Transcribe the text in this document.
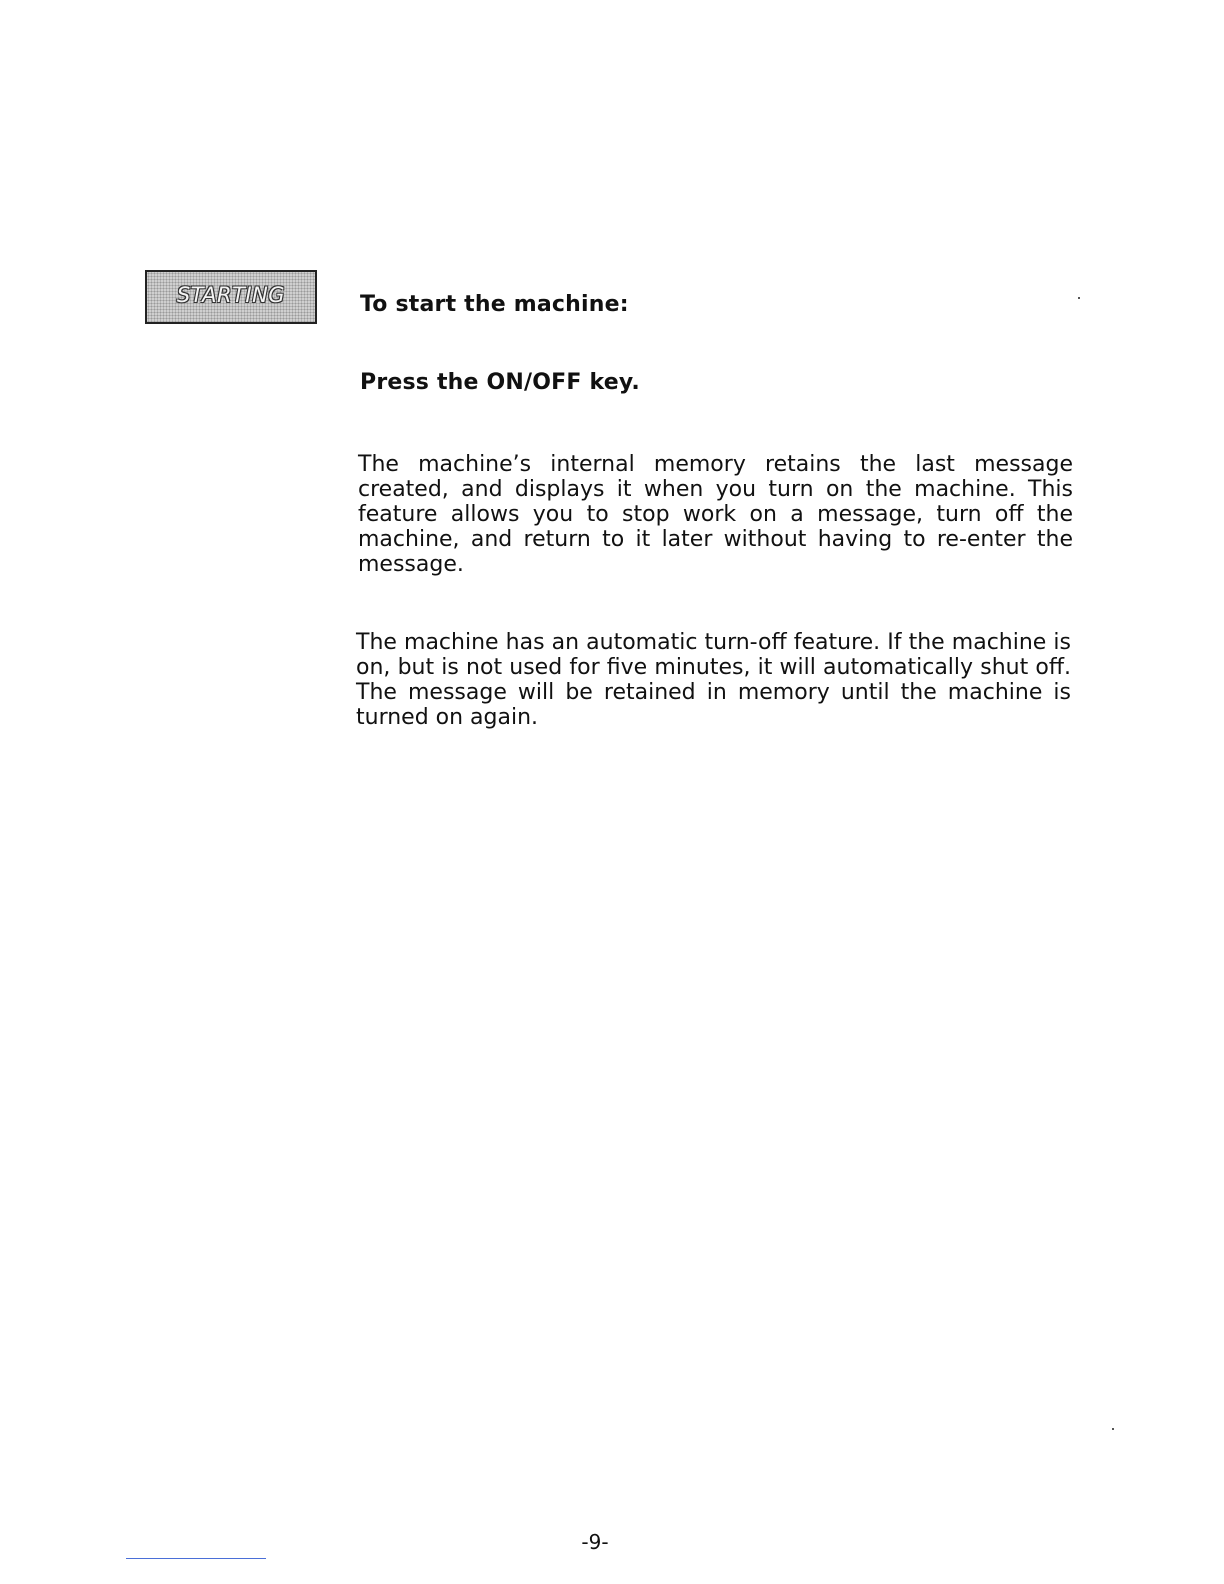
STARTING	To start the machine:
Press the ON/OFF key.

The machine’s internal memory retains the last message created, and displays it when you turn on the machine. This feature allows you to stop work on a message, turn off the machine, and return to it later without having to re-enter the message.

The machine has an automatic turn-off feature. If the machine is on, but is not used for five minutes, it will automatically shut off. The message will be retained in memory until the machine is turned on again.

-9-
